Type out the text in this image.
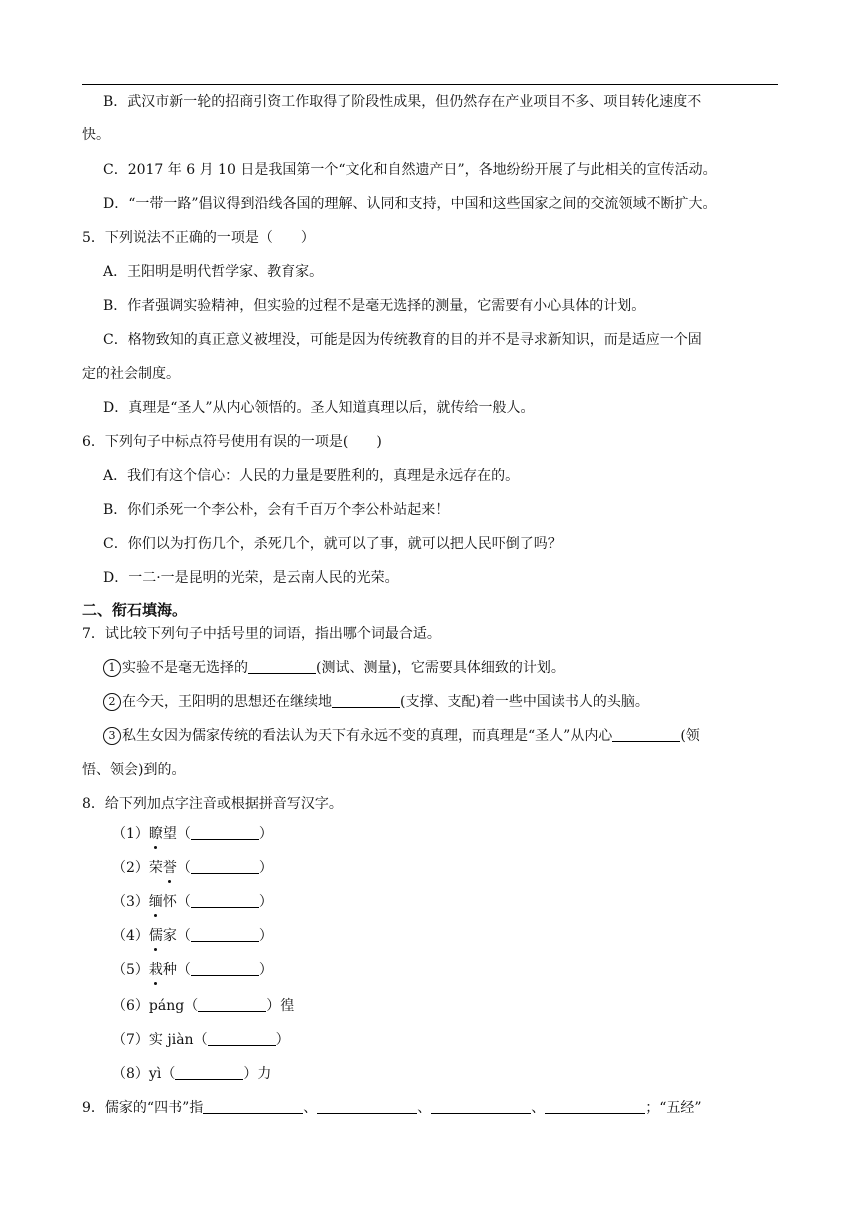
B．武汉市新一轮的招商引资工作取得了阶段性成果，但仍然存在产业项目不多、项目转化速度不
快。
C．2017 年 6 月 10 日是我国第一个“文化和自然遗产日”，各地纷纷开展了与此相关的宣传活动。
D．“一带一路”倡议得到沿线各国的理解、认同和支持，中国和这些国家之间的交流领域不断扩大。
5．下列说法不正确的一项是（　　）
A．王阳明是明代哲学家、教育家。
B．作者强调实验精神，但实验的过程不是毫无选择的测量，它需要有小心具体的计划。
C．格物致知的真正意义被埋没，可能是因为传统教育的目的并不是寻求新知识，而是适应一个固
定的社会制度。
D．真理是“圣人”从内心领悟的。圣人知道真理以后，就传给一般人。
6．下列句子中标点符号使用有误的一项是(　　)
A．我们有这个信心：人民的力量是要胜利的，真理是永远存在的。
B．你们杀死一个李公朴，会有千百万个李公朴站起来！
C．你们以为打伤几个，杀死几个，就可以了事，就可以把人民吓倒了吗？
D．一二·一是昆明的光荣，是云南人民的光荣。
二、衔石填海。
7．试比较下列句子中括号里的词语，指出哪个词最合适。
1 实验不是毫无选择的	(测试、测量)，它需要具体细致的计划。
2 在今天，王阳明的思想还在继续地	(支撑、支配)着一些中国读书人的头脑。
3 私生女因为儒家传统的看法认为天下有永远不变的真理，而真理是“圣人”从内心	(领
悟、领会)到的。
8．给下列加点字注音或根据拼音写汉字。
（1）瞭望（	）
（2）荣誉（	）
（3）缅怀（	）
（4）儒家（	）
（5）栽种（	）
（6）páng（	）徨
（7）实 jiàn（	）
（8）yì（	）力
9．儒家的“四书”指	、	、	、	；“五经”
